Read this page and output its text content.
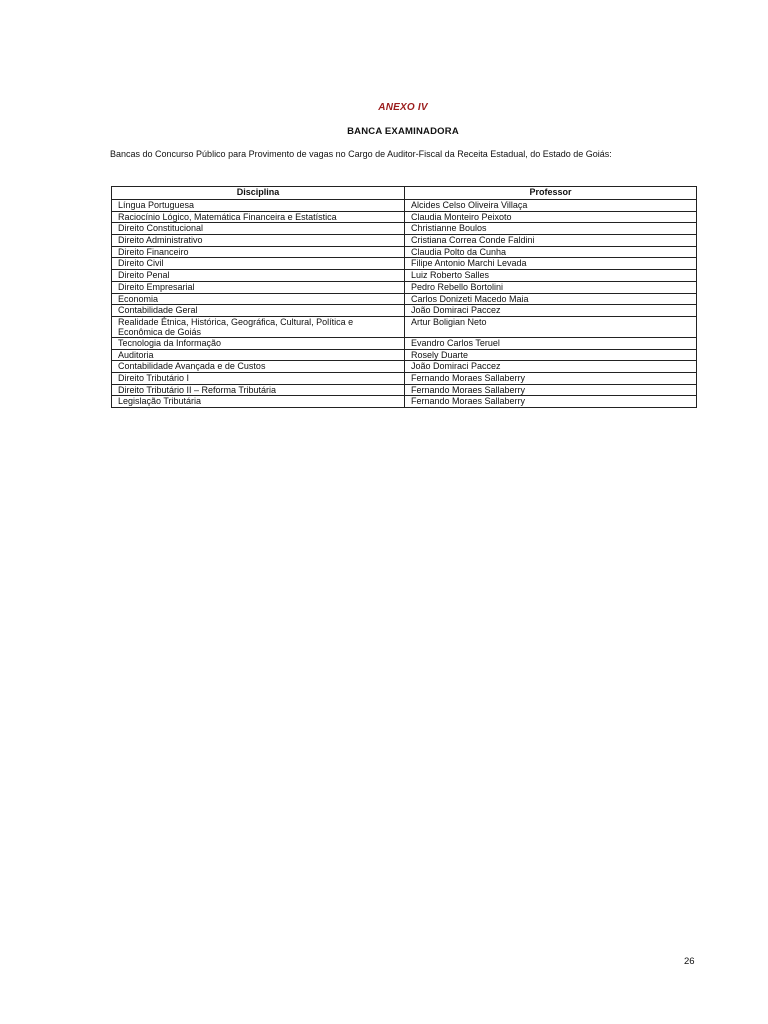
ANEXO IV
BANCA EXAMINADORA
Bancas do Concurso Público para Provimento de vagas no Cargo de Auditor-Fiscal da Receita Estadual, do Estado de Goiás:
Disciplina	Professor
Língua Portuguesa	Alcides Celso Oliveira Villaça
Raciocínio Lógico, Matemática Financeira e Estatística	Claudia Monteiro Peixoto
Direito Constitucional	Christianne Boulos
Direito Administrativo	Cristiana Correa Conde Faldini
Direito Financeiro	Claudia Polto da Cunha
Direito Civil	Filipe Antonio Marchi Levada
Direito Penal	Luiz Roberto Salles
Direito Empresarial	Pedro Rebello Bortolini
Economia	Carlos Donizeti Macedo Maia
Contabilidade Geral	João Domiraci Paccez
Realidade Étnica, Histórica, Geográfica, Cultural, Política e Econômica de Goiás	Artur Boligian Neto
Tecnologia da Informação	Evandro Carlos Teruel
Auditoria	Rosely Duarte
Contabilidade Avançada e de Custos	João Domiraci Paccez
Direito Tributário I	Fernando Moraes Sallaberry
Direito Tributário II – Reforma Tributária	Fernando Moraes Sallaberry
Legislação Tributária	Fernando Moraes Sallaberry
26
